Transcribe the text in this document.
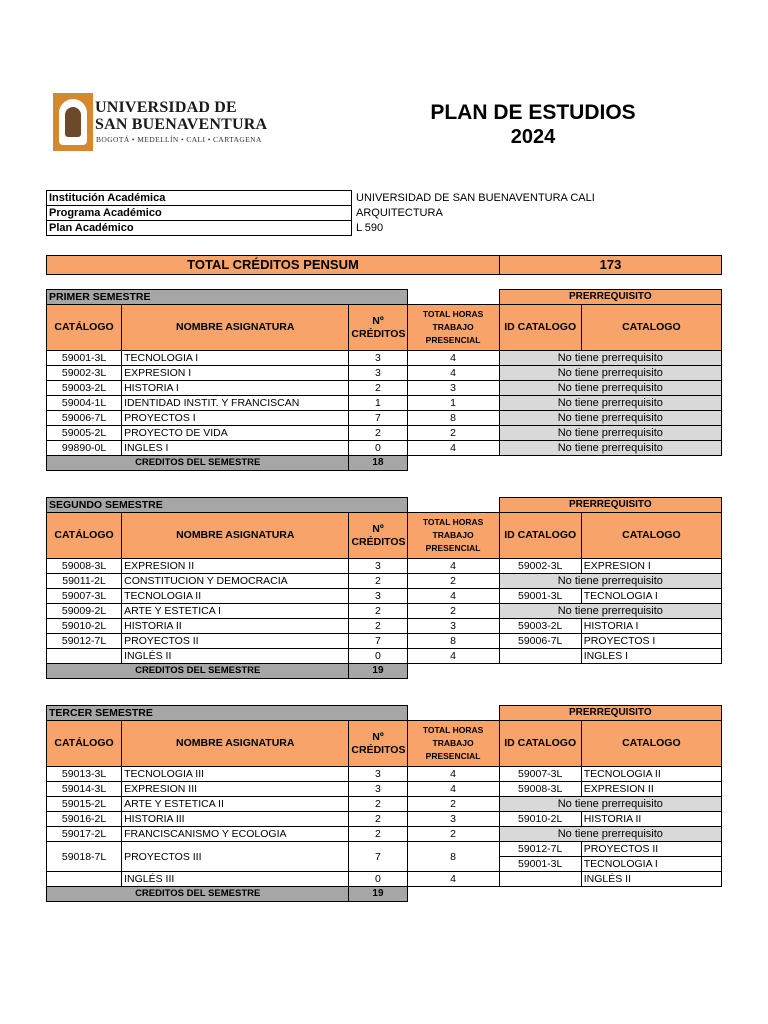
UNIVERSIDAD DE
SAN BUENAVENTURA
BOGOTÁ • MEDELLÍN • CALI • CARTAGENA
PLAN DE ESTUDIOS
2024
Institución Académica	UNIVERSIDAD DE SAN BUENAVENTURA CALI
Programa Académico	ARQUITECTURA
Plan Académico	L 590
TOTAL CRÉDITOS PENSUM	173
PRIMER SEMESTRE				PRERREQUISITO	
CATÁLOGO	NOMBRE ASIGNATURA	Nº CRÉDITOS	TOTAL HORAS TRABAJO PRESENCIAL	ID CATALOGO	CATALOGO
59001-3L	TECNOLOGIA I	3	4	No tiene prerrequisito	
59002-3L	EXPRESION I	3	4	No tiene prerrequisito	
59003-2L	HISTORIA I	2	3	No tiene prerrequisito	
59004-1L	IDENTIDAD INSTIT. Y FRANCISCAN	1	1	No tiene prerrequisito	
59006-7L	PROYECTOS I	7	8	No tiene prerrequisito	
59005-2L	PROYECTO DE VIDA	2	2	No tiene prerrequisito	
99890-0L	INGLES I	0	4	No tiene prerrequisito	
CREDITOS DEL SEMESTRE		18			
SEGUNDO SEMESTRE				PRERREQUISITO	
CATÁLOGO	NOMBRE ASIGNATURA	Nº CRÉDITOS	TOTAL HORAS TRABAJO PRESENCIAL	ID CATALOGO	CATALOGO
59008-3L	EXPRESION II	3	4	59002-3L	EXPRESION I
59011-2L	CONSTITUCION Y DEMOCRACIA	2	2	No tiene prerrequisito	
59007-3L	TECNOLOGIA II	3	4	59001-3L	TECNOLOGIA I
59009-2L	ARTE Y ESTETICA I	2	2	No tiene prerrequisito	
59010-2L	HISTORIA II	2	3	59003-2L	HISTORIA I
59012-7L	PROYECTOS II	7	8	59006-7L	PROYECTOS I
	INGLÉS II	0	4		INGLES I
CREDITOS DEL SEMESTRE		19			
TERCER SEMESTRE				PRERREQUISITO	
CATÁLOGO	NOMBRE ASIGNATURA	Nº CRÉDITOS	TOTAL HORAS TRABAJO PRESENCIAL	ID CATALOGO	CATALOGO
59013-3L	TECNOLOGIA III	3	4	59007-3L	TECNOLOGIA II
59014-3L	EXPRESION III	3	4	59008-3L	EXPRESION II
59015-2L	ARTE Y ESTETICA II	2	2	No tiene prerrequisito	
59016-2L	HISTORIA III	2	3	59010-2L	HISTORIA II
59017-2L	FRANCISCANISMO Y ECOLOGIA	2	2	No tiene prerrequisito	
59018-7L	PROYECTOS III	7	8	59012-7L	PROYECTOS II
				59001-3L	TECNOLOGIA I
	INGLÉS III	0	4		INGLÉS II
CREDITOS DEL SEMESTRE		19			
